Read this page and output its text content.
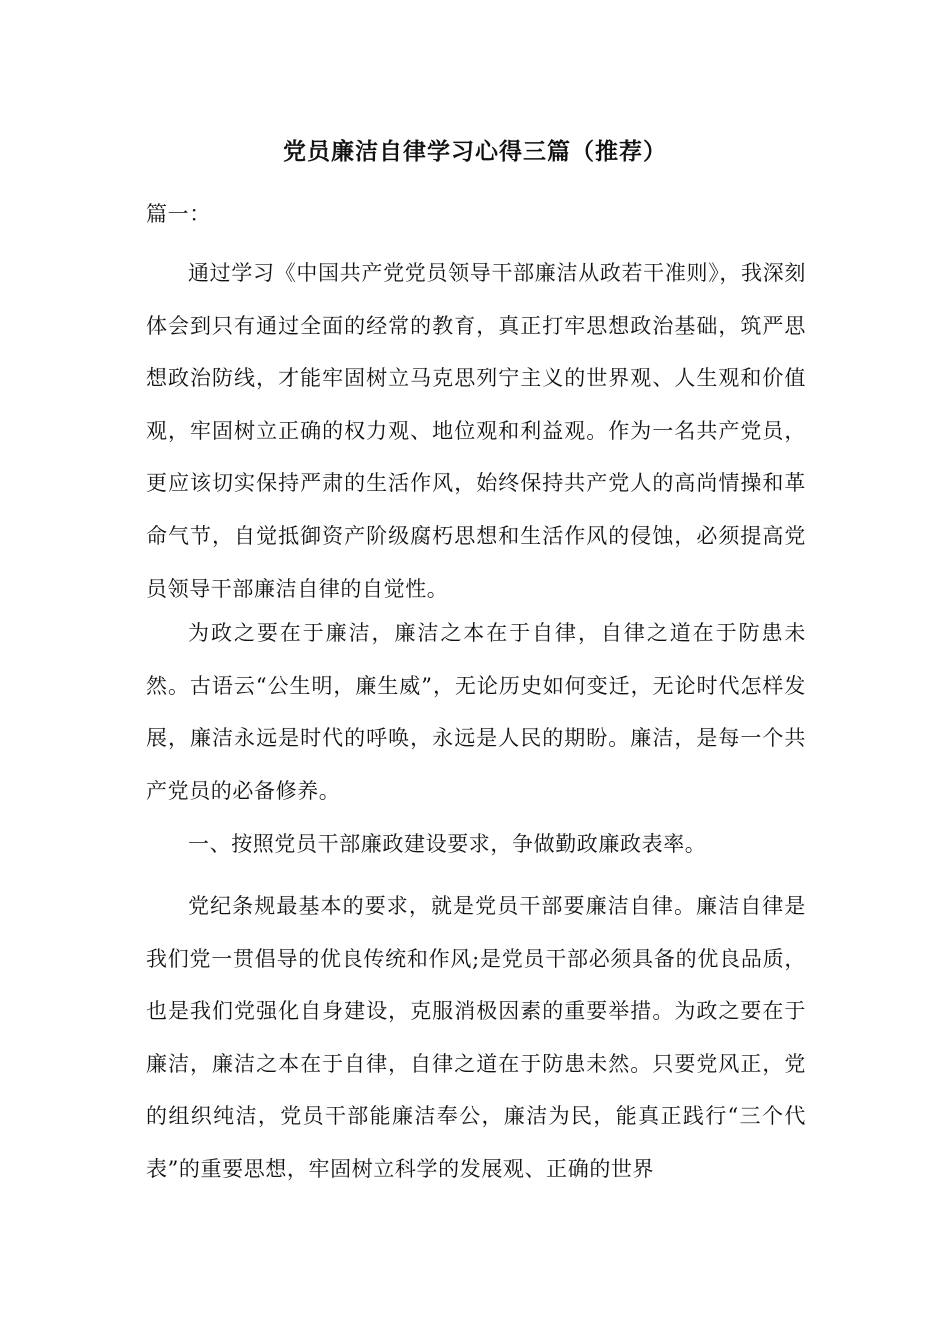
党员廉洁自律学习心得三篇（推荐）

篇一：

通过学习《中国共产党党员领导干部廉洁从政若干准则》，我深刻体会到只有通过全面的经常的教育，真正打牢思想政治基础，筑严思想政治防线，才能牢固树立马克思列宁主义的世界观、人生观和价值观，牢固树立正确的权力观、地位观和利益观。作为一名共产党员，更应该切实保持严肃的生活作风，始终保持共产党人的高尚情操和革命气节，自觉抵御资产阶级腐朽思想和生活作风的侵蚀，必须提高党员领导干部廉洁自律的自觉性。

为政之要在于廉洁，廉洁之本在于自律，自律之道在于防患未然。古语云“公生明，廉生威”，无论历史如何变迁，无论时代怎样发展，廉洁永远是时代的呼唤，永远是人民的期盼。廉洁，是每一个共产党员的必备修养。

一、按照党员干部廉政建设要求，争做勤政廉政表率。

党纪条规最基本的要求，就是党员干部要廉洁自律。廉洁自律是我们党一贯倡导的优良传统和作风;是党员干部必须具备的优良品质，也是我们党强化自身建设，克服消极因素的重要举措。为政之要在于廉洁，廉洁之本在于自律，自律之道在于防患未然。只要党风正，党的组织纯洁，党员干部能廉洁奉公，廉洁为民，能真正践行“三个代表”的重要思想，牢固树立科学的发展观、正确的世界
